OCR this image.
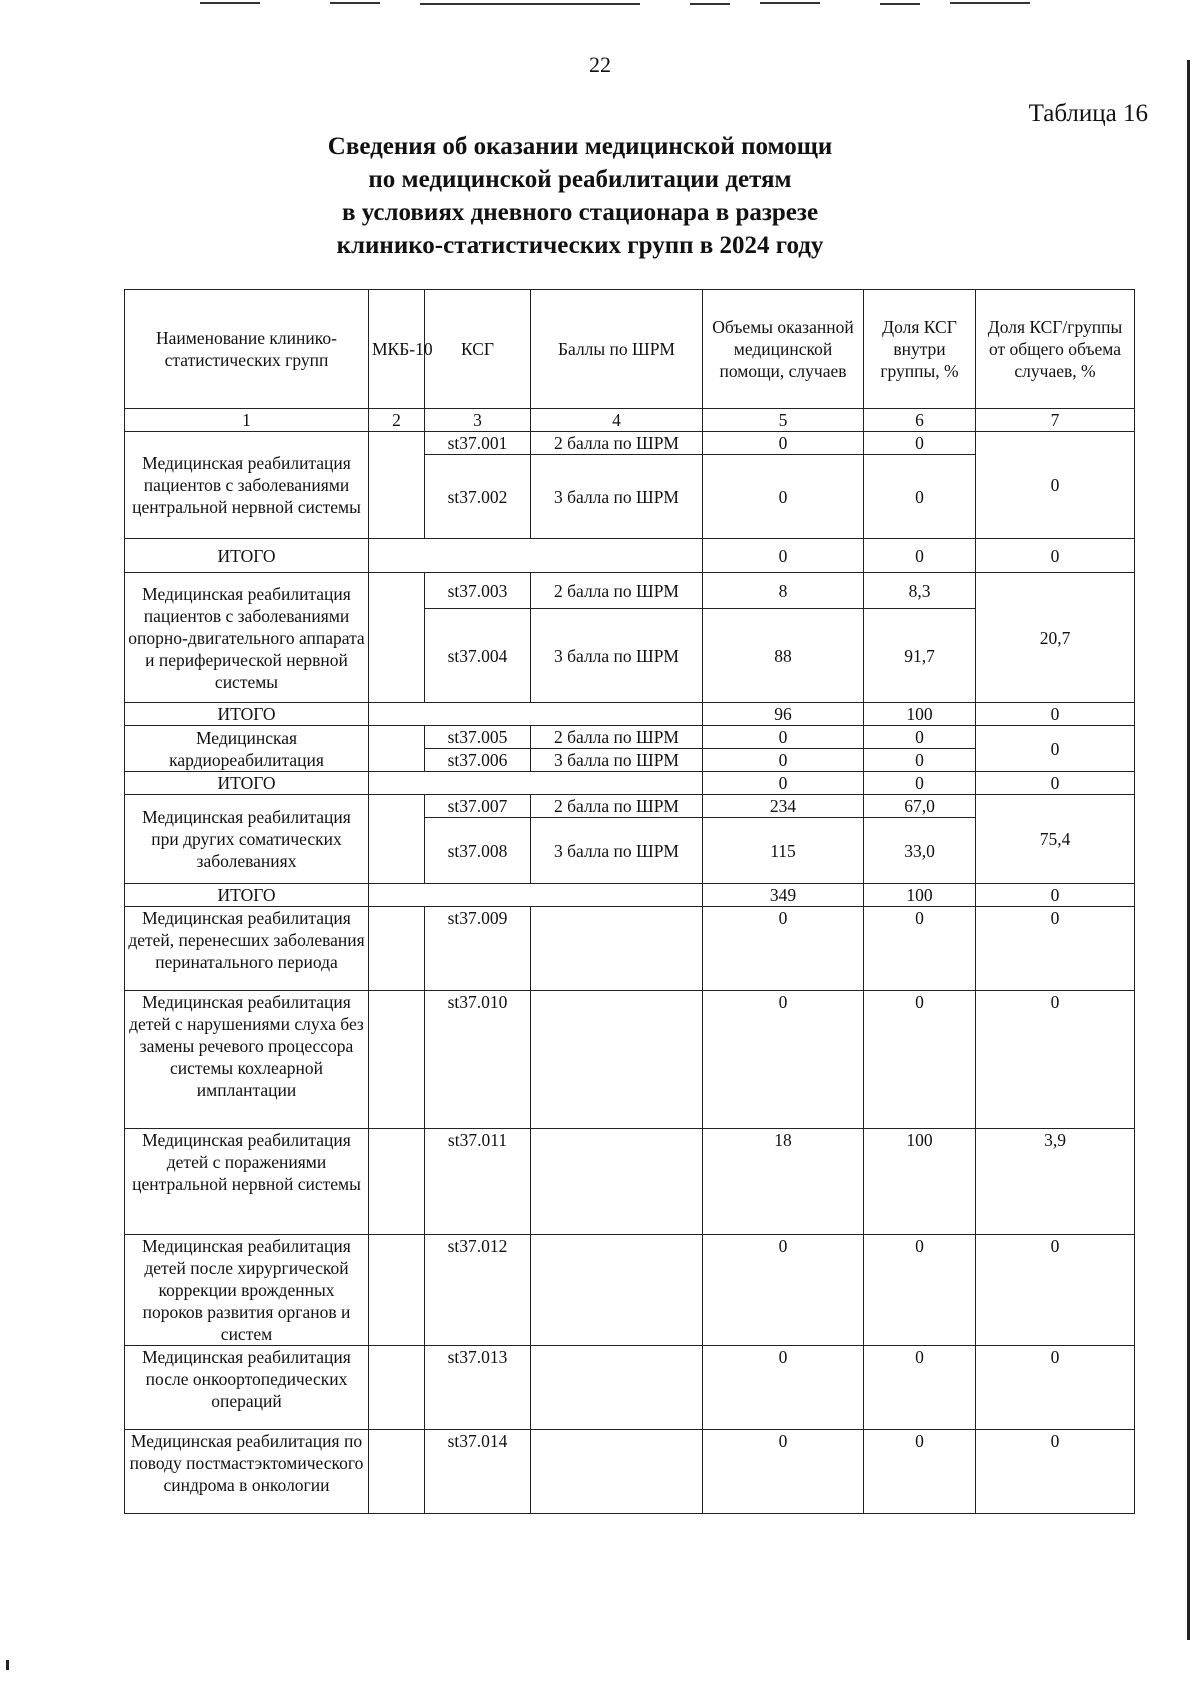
22
Таблица 16
Сведения об оказании медицинской помощи
по медицинской реабилитации детям
в условиях дневного стационара в разрезе
клинико-статистических групп в 2024 году
Наименование клинико-статистических групп	МКБ-10	КСГ	Баллы по ШРМ	Объемы оказанной медицинской помощи, случаев	Доля КСГ внутри группы, %	Доля КСГ/группы от общего объема случаев, %
1	2	3	4	5	6	7
Медицинская реабилитация пациентов с заболеваниями центральной нервной системы		st37.001	2 балла по ШРМ	0	0	0
		st37.002	3 балла по ШРМ	0	0	
ИТОГО				0	0	0
Медицинская реабилитация пациентов с заболеваниями опорно-двигательного аппарата и периферической нервной системы		st37.003	2 балла по ШРМ	8	8,3	20,7
		st37.004	3 балла по ШРМ	88	91,7	
ИТОГО				96	100	0
Медицинская кардиореабилитация		st37.005	2 балла по ШРМ	0	0	0
		st37.006	3 балла по ШРМ	0	0	
ИТОГО				0	0	0
Медицинская реабилитация при других соматических заболеваниях		st37.007	2 балла по ШРМ	234	67,0	75,4
		st37.008	3 балла по ШРМ	115	33,0	
ИТОГО				349	100	0
Медицинская реабилитация детей, перенесших заболевания перинатального периода		st37.009		0	0	0
Медицинская реабилитация детей с нарушениями слуха без замены речевого процессора системы кохлеарной имплантации		st37.010		0	0	0
Медицинская реабилитация детей с поражениями центральной нервной системы		st37.011		18	100	3,9
Медицинская реабилитация детей после хирургической коррекции врожденных пороков развития органов и систем		st37.012		0	0	0
Медицинская реабилитация после онкоортопедических операций		st37.013		0	0	0
Медицинская реабилитация по поводу постмастэктомического синдрома в онкологии		st37.014		0	0	0
